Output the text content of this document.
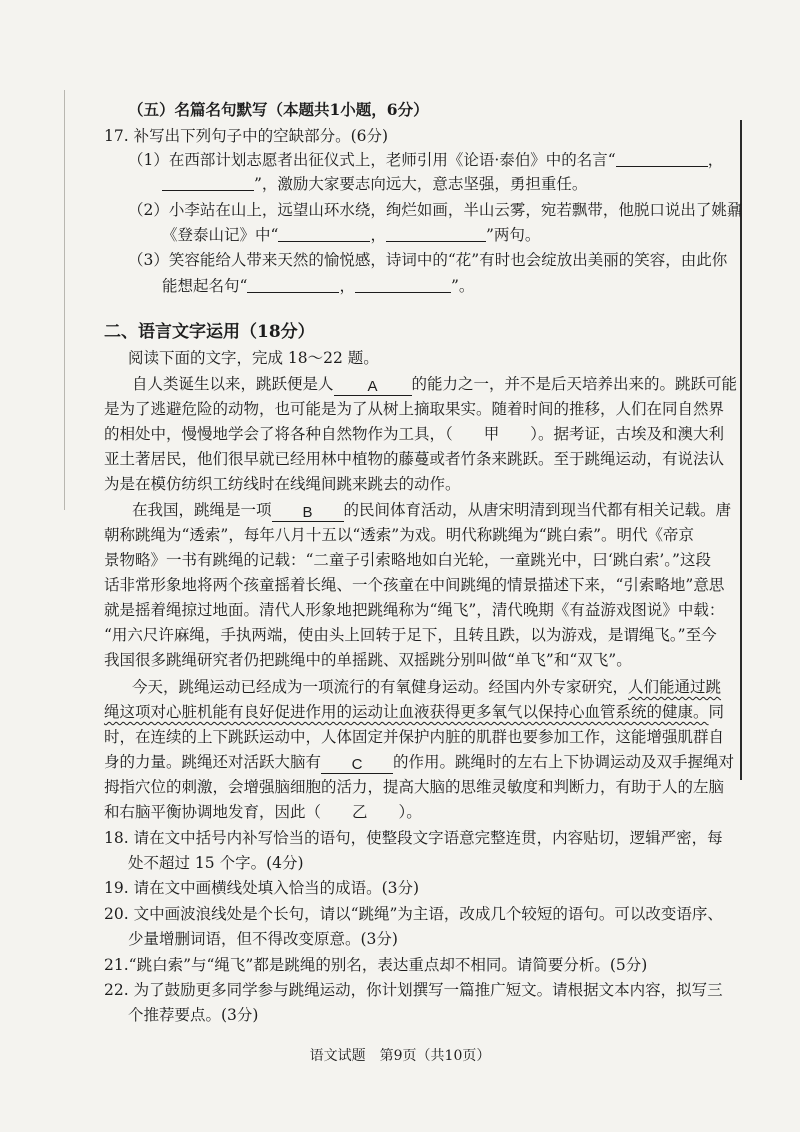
（五）名篇名句默写（本题共1小题，6分）
17. 补写出下列句子中的空缺部分。(6分)
（1）在西部计划志愿者出征仪式上，老师引用《论语·泰伯》中的名言“	，
”，激励大家要志向远大，意志坚强，勇担重任。
（2）小李站在山上，远望山环水绕，绚烂如画，半山云雾，宛若飘带，他脱口说出了姚鼐
《登泰山记》中“	，	”两句。
（3）笑容能给人带来天然的愉悦感，诗词中的“花”有时也会绽放出美丽的笑容，由此你
能想起名句“	，	”。
二、语言文字运用（18分）
阅读下面的文字，完成 18～22 题。
自人类诞生以来，跳跃便是人 A 的能力之一，并不是后天培养出来的。跳跃可能
是为了逃避危险的动物，也可能是为了从树上摘取果实。随着时间的推移，人们在同自然界
的相处中，慢慢地学会了将各种自然物作为工具，（　　甲　　）。据考证，古埃及和澳大利
亚土著居民，他们很早就已经用林中植物的藤蔓或者竹条来跳跃。至于跳绳运动，有说法认
为是在模仿纺织工纺线时在线绳间跳来跳去的动作。
在我国，跳绳是一项 B 的民间体育活动，从唐宋明清到现当代都有相关记载。唐
朝称跳绳为“透索”，每年八月十五以“透索”为戏。明代称跳绳为“跳白索”。明代《帝京
景物略》一书有跳绳的记载：“二童子引索略地如白光轮，一童跳光中，曰‘跳白索’。”这段
话非常形象地将两个孩童摇着长绳、一个孩童在中间跳绳的情景描述下来，“引索略地”意思
就是摇着绳掠过地面。清代人形象地把跳绳称为“绳飞”，清代晚期《有益游戏图说》中载：
“用六尺许麻绳，手执两端，使由头上回转于足下，且转且跌，以为游戏，是谓绳飞。”至今
我国很多跳绳研究者仍把跳绳中的单摇跳、双摇跳分别叫做“单飞”和“双飞”。
今天，跳绳运动已经成为一项流行的有氧健身运动。经国内外专家研究，人们能通过跳
绳这项对心脏机能有良好促进作用的运动让血液获得更多氧气以保持心血管系统的健康。同
时，在连续的上下跳跃运动中，人体固定并保护内脏的肌群也要参加工作，这能增强肌群自
身的力量。跳绳还对活跃大脑有 C 的作用。跳绳时的左右上下协调运动及双手握绳对
拇指穴位的刺激，会增强脑细胞的活力，提高大脑的思维灵敏度和判断力，有助于人的左脑
和右脑平衡协调地发育，因此（　　乙　　）。
18. 请在文中括号内补写恰当的语句，使整段文字语意完整连贯，内容贴切，逻辑严密，每
处不超过 15 个字。(4分)
19. 请在文中画横线处填入恰当的成语。(3分)
20. 文中画波浪线处是个长句，请以“跳绳”为主语，改成几个较短的语句。可以改变语序、
少量增删词语，但不得改变原意。(3分)
21.“跳白索”与“绳飞”都是跳绳的别名，表达重点却不相同。请简要分析。(5分)
22. 为了鼓励更多同学参与跳绳运动，你计划撰写一篇推广短文。请根据文本内容，拟写三
个推荐要点。(3分)
语文试题　第9页（共10页）
